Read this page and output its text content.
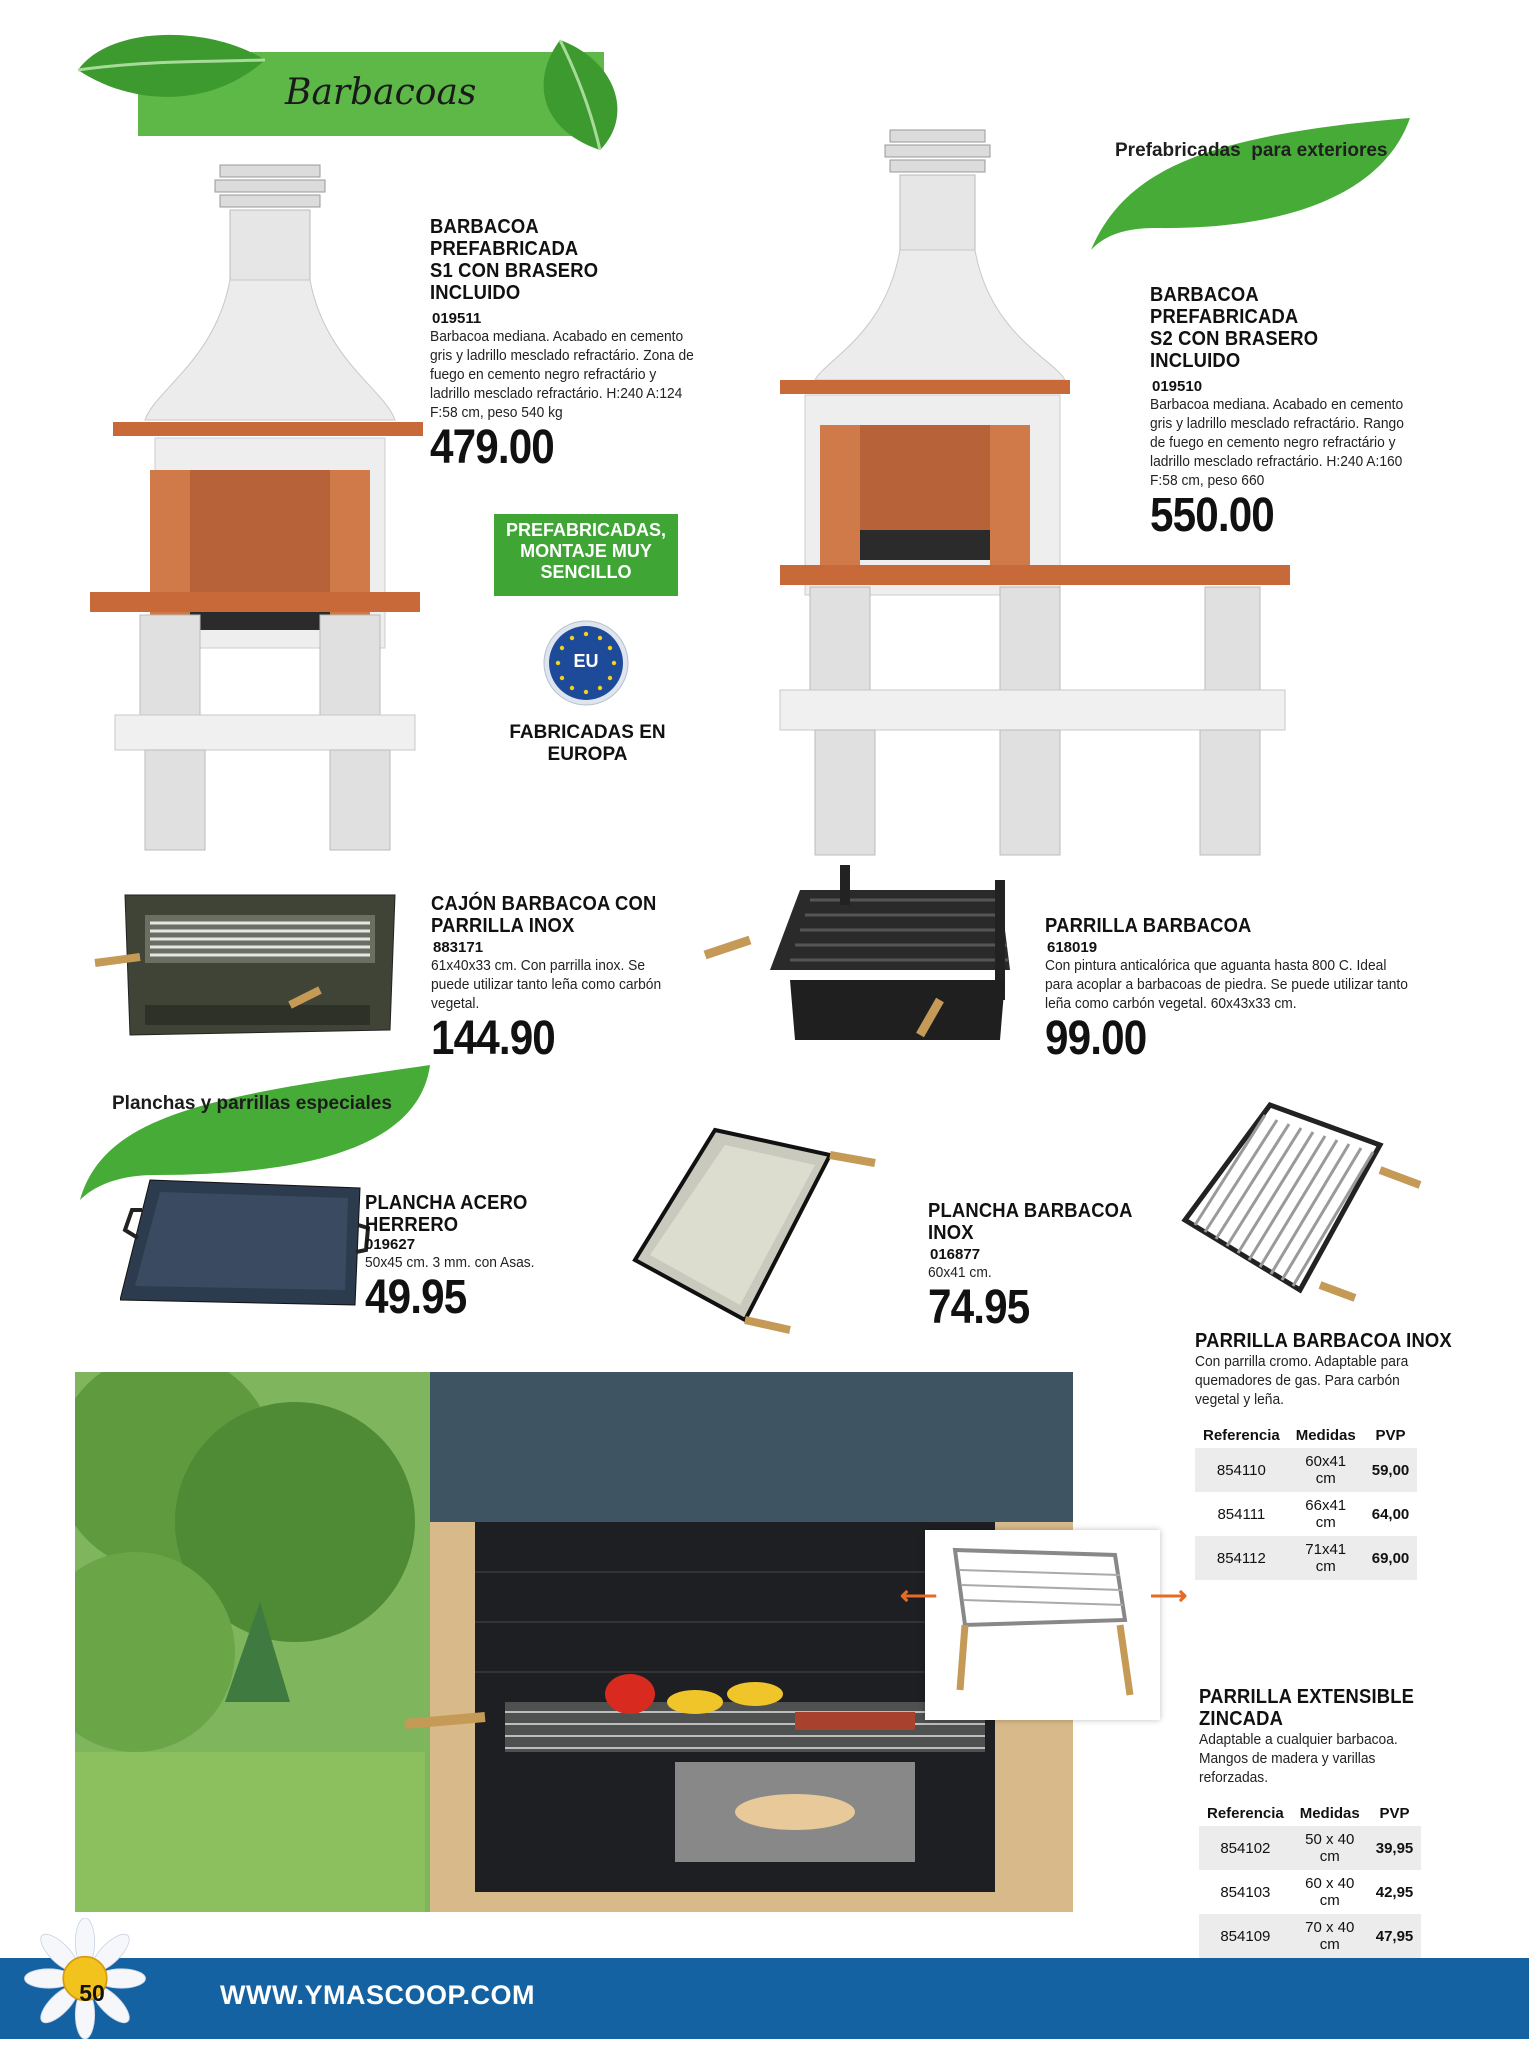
Barbacoas
Prefabricadas  para exteriores
BARBACOA PREFABRICADA
S1 CON BRASERO INCLUIDO
019511
Barbacoa mediana. Acabado en cemento gris y ladrillo mesclado refractário. Zona de fuego en cemento negro refractário y ladrillo mesclado refractário. H:240 A:124 F:58 cm, peso 540 kg
479.00
PREFABRICADAS, MONTAJE MUY SENCILLO
EU
FABRICADAS EN EUROPA
BARBACOA PREFABRICADA
S2 CON BRASERO INCLUIDO
019510
Barbacoa mediana. Acabado en cemento gris y ladrillo mesclado refractário. Rango de fuego en cemento negro refractário y ladrillo mesclado refractário. H:240 A:160 F:58 cm, peso 660
550.00
CAJÓN BARBACOA CON
PARRILLA INOX
883171
61x40x33 cm. Con parrilla inox. Se puede utilizar tanto leña como carbón vegetal.
144.90
PARRILLA BARBACOA
618019
Con pintura anticalórica que aguanta hasta 800 C. Ideal para acoplar a barbacoas de piedra. Se puede utilizar tanto leña como carbón vegetal. 60x43x33 cm.
99.00
Planchas y parrillas especiales
PLANCHA ACERO
HERRERO
019627
50x45 cm. 3 mm. con Asas.
49.95
PLANCHA BARBACOA
INOX
016877
60x41 cm.
74.95
PARRILLA BARBACOA INOX
Con parrilla cromo. Adaptable para quemadores de gas. Para carbón vegetal y leña.
Referencia	Medidas	PVP
854110	60x41 cm	59,00
854111	66x41 cm	64,00
854112	71x41 cm	69,00
⟵	⟶
PARRILLA EXTENSIBLE
ZINCADA
Adaptable a cualquier barbacoa. Mangos de madera y varillas reforzadas.
Referencia	Medidas	PVP
854102	50 x 40 cm	39,95
854103	60 x 40 cm	42,95
854109	70 x 40 cm	47,95
50	WWW.YMASCOOP.COM
